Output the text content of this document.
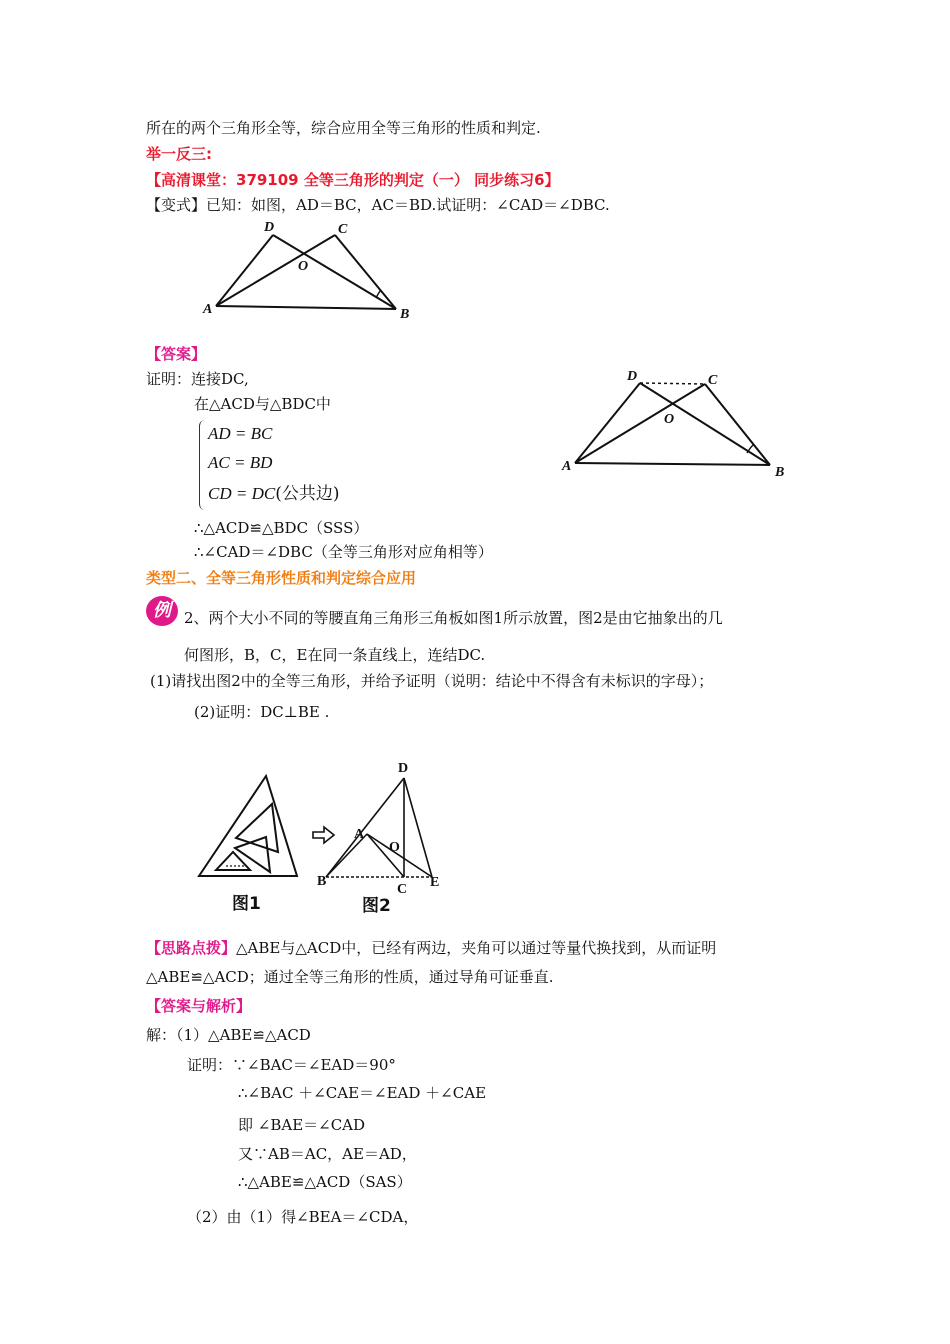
所在的两个三角形全等，综合应用全等三角形的性质和判定.
举一反三:
【高清课堂：379109 全等三角形的判定（一） 同步练习6】
【变式】已知：如图，AD＝BC，AC＝BD.试证明：∠CAD＝∠DBC.
D	C
O
A	B
【答案】
证明：连接DC,
在△ACD与△BDC中
AD = BC
AC = BD
CD = DC(公共边)
∴△ACD≌△BDC（SSS）
∴∠CAD＝∠DBC（全等三角形对应角相等）
D	C
O
A	B
类型二、全等三角形性质和判定综合应用
例 2、两个大小不同的等腰直角三角形三角板如图1所示放置，图2是由它抽象出的几
何图形，B，C，E在同一条直线上，连结DC.
(1)请找出图2中的全等三角形，并给予证明（说明：结论中不得含有未标识的字母）；
(2)证明：DC⊥BE .
D
A
O
B
C E
图1	图2
【思路点拨】△ABE与△ACD中，已经有两边，夹角可以通过等量代换找到，从而证明
△ABE≌△ACD；通过全等三角形的性质，通过导角可证垂直.
【答案与解析】
解：（1）△ABE≌△ACD
证明：∵∠BAC＝∠EAD＝90°
∴∠BAC ＋∠CAE＝∠EAD ＋∠CAE
即 ∠BAE＝∠CAD
又∵AB＝AC，AE＝AD，
∴△ABE≌△ACD（SAS）
（2）由（1）得∠BEA＝∠CDA，
